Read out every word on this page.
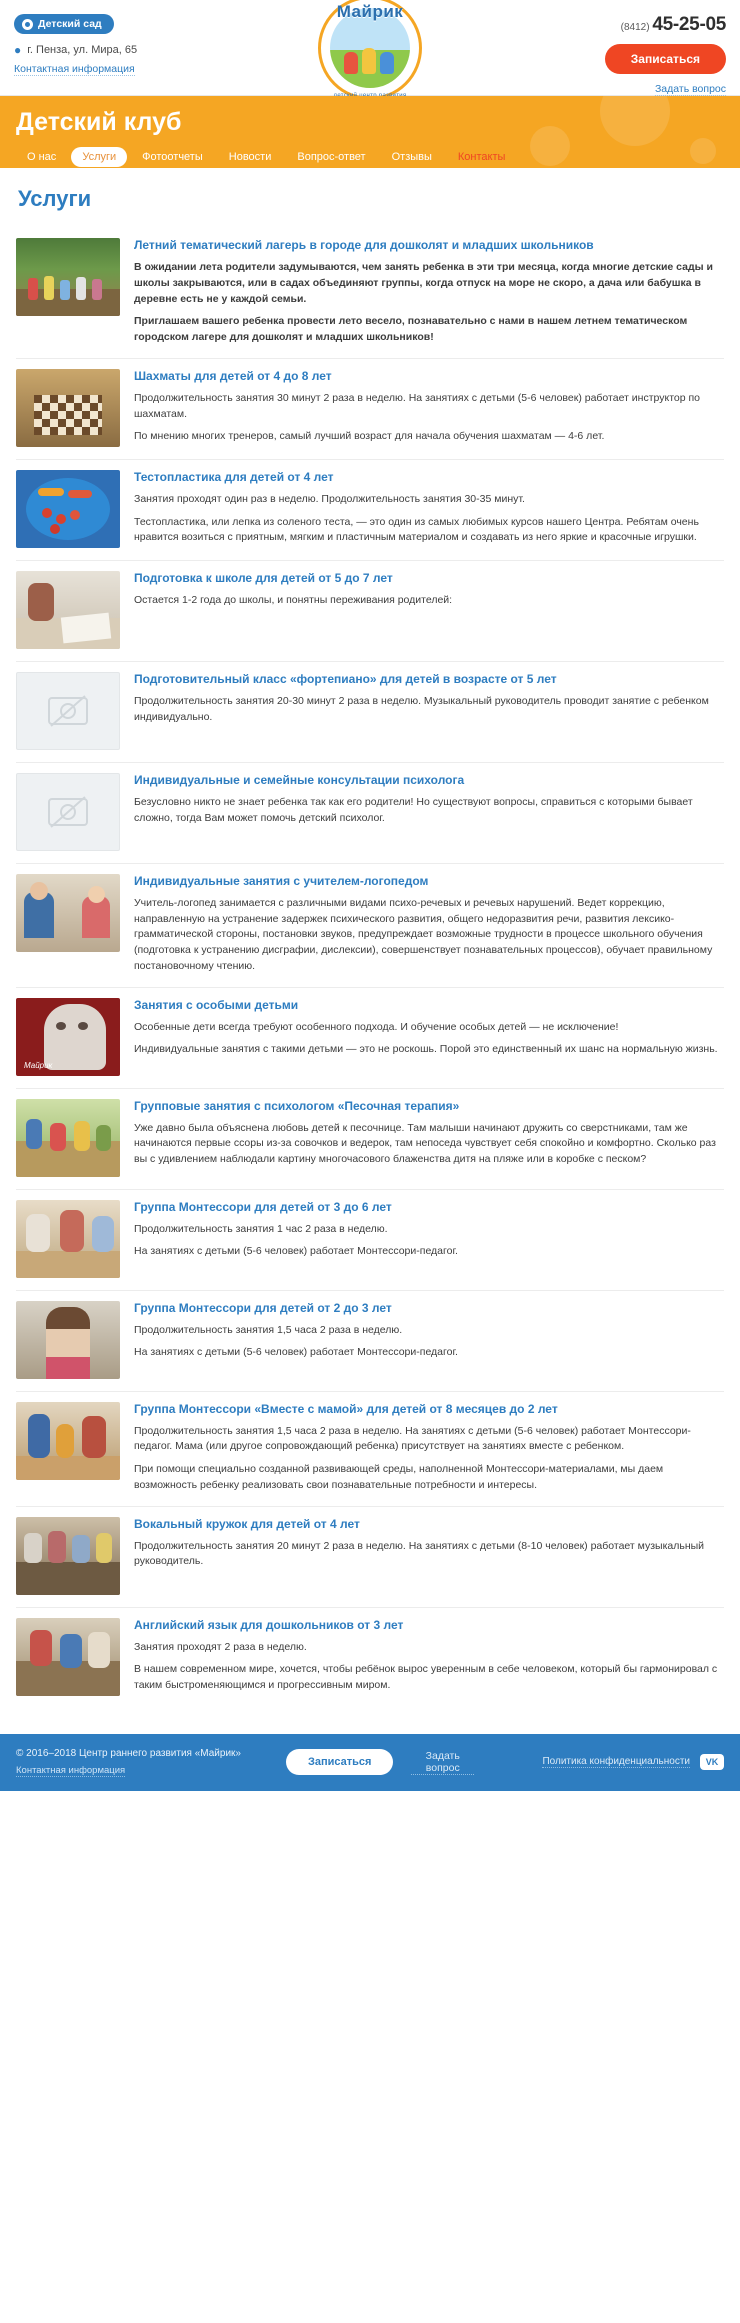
Детский сад
● г. Пенза, ул. Мира, 65
Контактная информация
Майрик
(8412) 45-25-05
Записаться
Задать вопрос
Детский клуб
О нас	Услуги	Фотоотчеты	Новости	Вопрос-ответ	Отзывы	Контакты
Услуги
Летний тематический лагерь в городе для дошколят и младших школьников

В ожидании лета родители задумываются, чем занять ребенка в эти три месяца, когда многие детские сады и школы закрываются, или в садах объединяют группы, когда отпуск на море не скоро, а дача или бабушка в деревне есть не у каждой семьи.

Приглашаем вашего ребенка провести лето весело, познавательно с нами в нашем летнем тематическом городском лагере для дошколят и младших школьников!

Шахматы для детей от 4 до 8 лет

Продолжительность занятия 30 минут 2 раза в неделю. На занятиях с детьми (5-6 человек) работает инструктор по шахматам.

По мнению многих тренеров, самый лучший возраст для начала обучения шахматам — 4-6 лет.

Тестопластика для детей от 4 лет

Занятия проходят один раз в неделю. Продолжительность занятия 30-35 минут.

Тестопластика, или лепка из соленого теста, — это один из самых любимых курсов нашего Центра. Ребятам очень нравится возиться с приятным, мягким и пластичным материалом и создавать из него яркие и красочные игрушки.

Подготовка к школе для детей от 5 до 7 лет

Остается 1-2 года до школы, и понятны переживания родителей:

Подготовительный класс «фортепиано» для детей в возрасте от 5 лет

Продолжительность занятия 20-30 минут 2 раза в неделю. Музыкальный руководитель проводит занятие с ребенком индивидуально.

Индивидуальные и семейные консультации психолога

Безусловно никто не знает ребенка так как его родители! Но существуют вопросы, справиться с которыми бывает сложно, тогда Вам может помочь детский психолог.

Индивидуальные занятия с учителем-логопедом

Учитель-логопед занимается с различными видами психо-речевых и речевых нарушений. Ведет коррекцию, направленную на устранение задержек психического развития, общего недоразвития речи, развития лексико-грамматической стороны, постановки звуков, предупреждает возможные трудности в процессе школьного обучения (подготовка к устранению дисграфии, дислексии), совершенствует познавательных процессов), обучает правильному постановочному чтению.

Майрик
Занятия с особыми детьми

Особенные дети всегда требуют особенного подхода. И обучение особых детей — не исключение!

Индивидуальные занятия с такими детьми — это не роскошь. Порой это единственный их шанс на нормальную жизнь.

Групповые занятия с психологом «Песочная терапия»

Уже давно была объяснена любовь детей к песочнице. Там малыши начинают дружить со сверстниками, там же начинаются первые ссоры из-за совочков и ведерок, там непоседа чувствует себя спокойно и комфортно. Сколько раз вы с удивлением наблюдали картину многочасового блаженства дитя на пляже или в коробке с песком?

Группа Монтессори для детей от 3 до 6 лет

Продолжительность занятия 1 час 2 раза в неделю.

На занятиях с детьми (5-6 человек) работает Монтессори-педагог.

Группа Монтессори для детей от 2 до 3 лет

Продолжительность занятия 1,5 часа 2 раза в неделю.

На занятиях с детьми (5-6 человек) работает Монтессори-педагог.

Группа Монтессори «Вместе с мамой» для детей от 8 месяцев до 2 лет

Продолжительность занятия 1,5 часа 2 раза в неделю. На занятиях с детьми (5-6 человек) работает Монтессори-педагог. Мама (или другое сопровождающий ребенка) присутствует на занятиях вместе с ребенком.

При помощи специально созданной развивающей среды, наполненной Монтессори-материалами, мы даем возможность ребенку реализовать свои познавательные потребности и интересы.

Вокальный кружок для детей от 4 лет

Продолжительность занятия 20 минут 2 раза в неделю. На занятиях с детьми (8-10 человек) работает музыкальный руководитель.

Английский язык для дошкольников от 3 лет

Занятия проходят 2 раза в неделю.

В нашем современном мире, хочется, чтобы ребёнок вырос уверенным в себе человеком, который бы гармонировал с таким быстроменяющимся и прогрессивным миром.

© 2016–2018 Центр раннего развития «Майрик»
Контактная информация
Записаться
Задать вопрос	Политика конфиденциальности	VK
